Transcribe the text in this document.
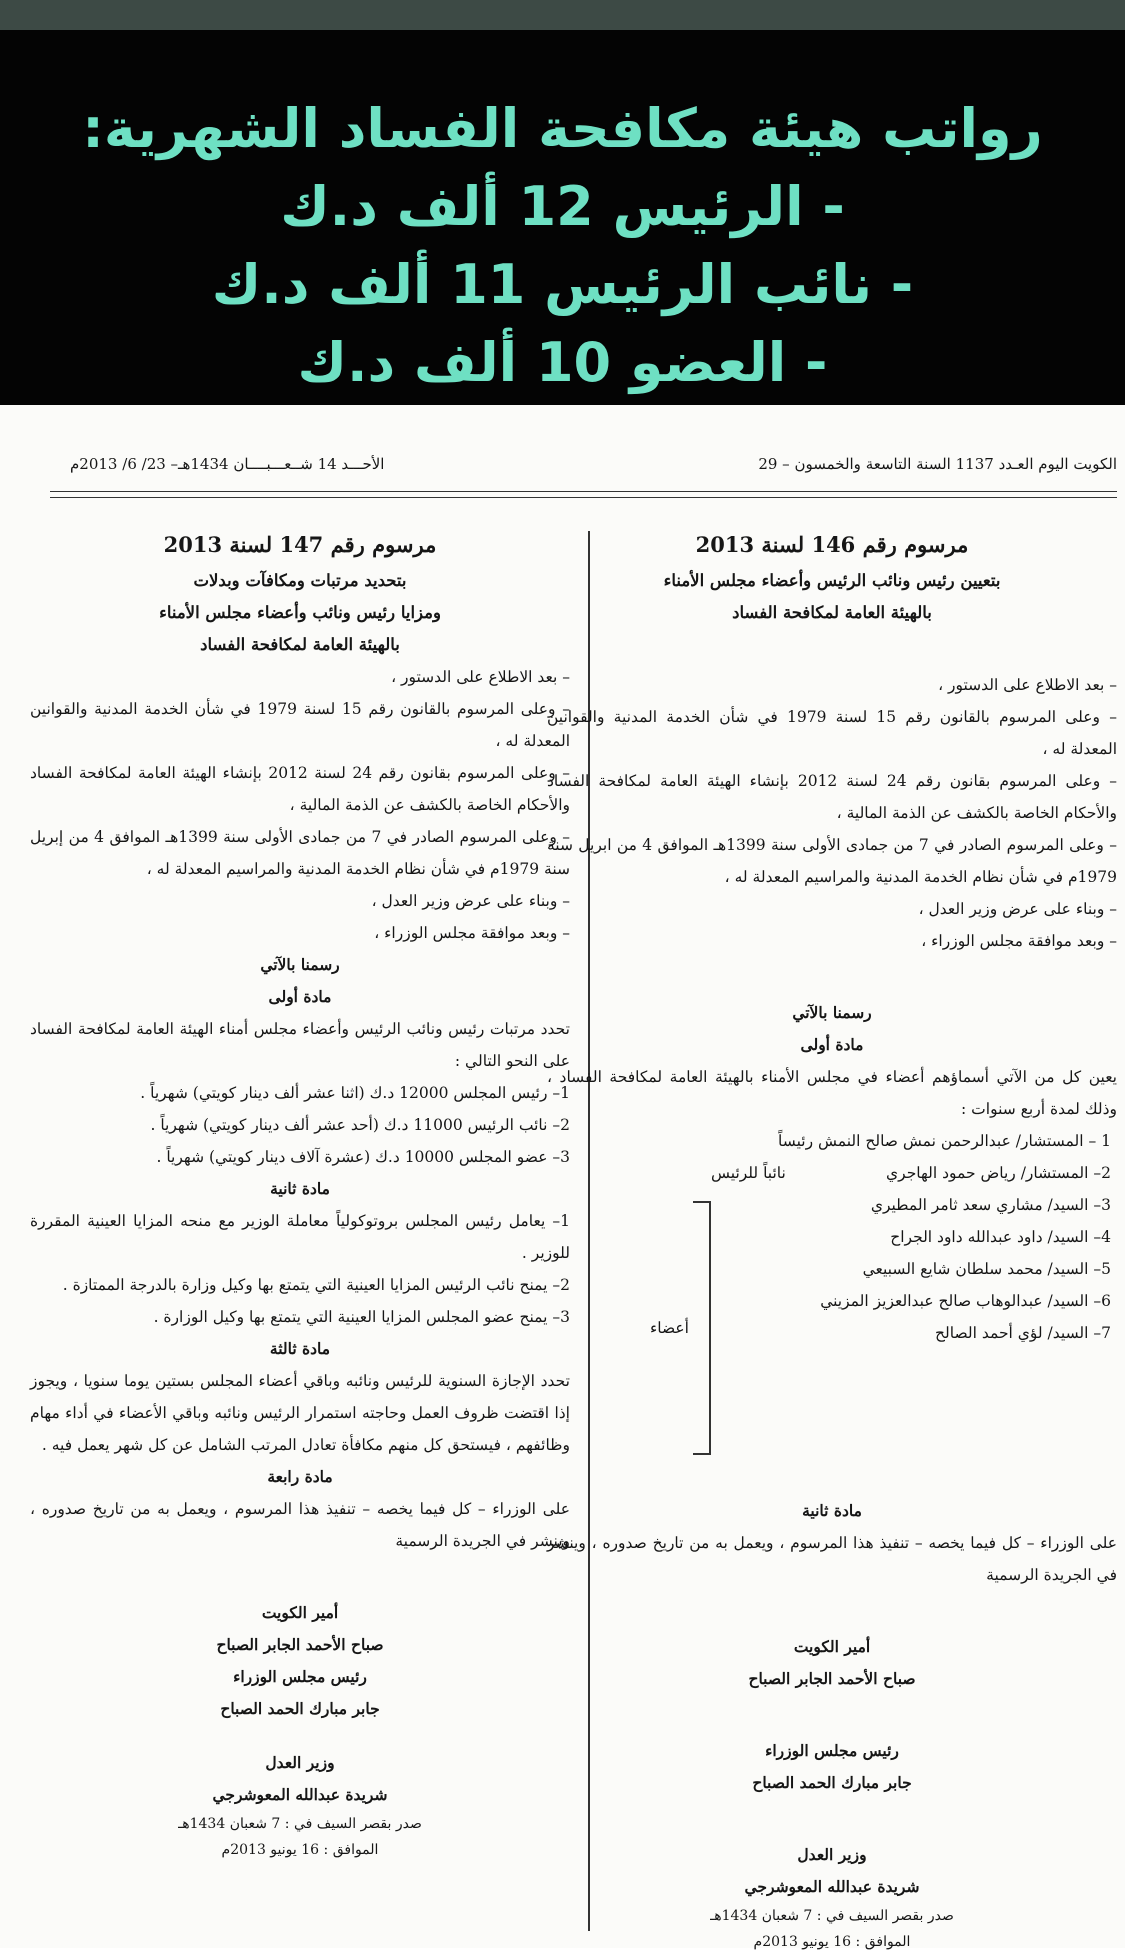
رواتب هيئة مكافحة الفساد الشهرية:
- الرئيس 12 ألف د.ك
- نائب الرئيس 11 ألف د.ك
- العضو 10 ألف د.ك
الكويت اليوم العـدد 1137 السنة التاسعة والخمسون – 29
الأحـــد 14 شــعـــبــــان 1434هـ– 23/ 6/ 2013م
مرسوم رقم 146 لسنة 2013
بتعيين رئيس ونائب الرئيس وأعضاء مجلس الأمناء
بالهيئة العامة لمكافحة الفساد
– بعد الاطلاع على الدستور ،
– وعلى المرسوم بالقانون رقم 15 لسنة 1979 في شأن الخدمة المدنية والقوانين المعدلة له ،
– وعلى المرسوم بقانون رقم 24 لسنة 2012 بإنشاء الهيئة العامة لمكافحة الفساد والأحكام الخاصة بالكشف عن الذمة المالية ،
– وعلى المرسوم الصادر في 7 من جمادى الأولى سنة 1399هـ الموافق 4 من ابريل سنة 1979م في شأن نظام الخدمة المدنية والمراسيم المعدلة له ،
– وبناء على عرض وزير العدل ،
– وبعد موافقة مجلس الوزراء ،
رسمنا بالآتي
مادة أولى
يعين كل من الآتي أسماؤهم أعضاء في مجلس الأمناء بالهيئة العامة لمكافحة الفساد ، وذلك لمدة أربع سنوات :
1 – المستشار/ عبدالرحمن نمش صالح النمش رئيساً
2– المستشار/ رياض حمود الهاجري
نائباً للرئيس
3– السيد/ مشاري سعد ثامر المطيري
4– السيد/ داود عبدالله داود الجراح
5– السيد/ محمد سلطان شايع السبيعي
6– السيد/ عبدالوهاب صالح عبدالعزيز المزيني
7– السيد/ لؤي أحمد الصالح
أعضاء
مادة ثانية
على الوزراء – كل فيما يخصه – تنفيذ هذا المرسوم ، ويعمل به من تاريخ صدوره ، وينشر في الجريدة الرسمية
أمير الكويت
صباح الأحمد الجابر الصباح
رئيس مجلس الوزراء
جابر مبارك الحمد الصباح
وزير العدل
شريدة عبدالله المعوشرجي
صدر بقصر السيف في : 7 شعبان 1434هـ
الموافق : 16 يونيو 2013م
مرسوم رقم 147 لسنة 2013
بتحديد مرتبات ومكافآت وبدلات
ومزايا رئيس ونائب وأعضاء مجلس الأمناء
بالهيئة العامة لمكافحة الفساد
– بعد الاطلاع على الدستور ،
– وعلى المرسوم بالقانون رقم 15 لسنة 1979 في شأن الخدمة المدنية والقوانين المعدلة له ،
– وعلى المرسوم بقانون رقم 24 لسنة 2012 بإنشاء الهيئة العامة لمكافحة الفساد والأحكام الخاصة بالكشف عن الذمة المالية ،
– وعلى المرسوم الصادر في 7 من جمادى الأولى سنة 1399هـ الموافق 4 من إبريل سنة 1979م في شأن نظام الخدمة المدنية والمراسيم المعدلة له ،
– وبناء على عرض وزير العدل ،
– وبعد موافقة مجلس الوزراء ،
رسمنا بالآتي
مادة أولى
تحدد مرتبات رئيس ونائب الرئيس وأعضاء مجلس أمناء الهيئة العامة لمكافحة الفساد على النحو التالي :
1– رئيس المجلس 12000 د.ك (اثنا عشر ألف دينار كويتي) شهرياً .
2– نائب الرئيس 11000 د.ك (أحد عشر ألف دينار كويتي) شهرياً .
3– عضو المجلس 10000 د.ك (عشرة آلاف دينار كويتي) شهرياً .
مادة ثانية
1– يعامل رئيس المجلس بروتوكولياً معاملة الوزير مع منحه المزايا العينية المقررة للوزير .
2– يمنح نائب الرئيس المزايا العينية التي يتمتع بها وكيل وزارة بالدرجة الممتازة .
3– يمنح عضو المجلس المزايا العينية التي يتمتع بها وكيل الوزارة .
مادة ثالثة
تحدد الإجازة السنوية للرئيس ونائبه وباقي أعضاء المجلس بستين يوما سنويا ، ويجوز إذا اقتضت ظروف العمل وحاجته استمرار الرئيس ونائبه وباقي الأعضاء في أداء مهام وظائفهم ، فيستحق كل منهم مكافأة تعادل المرتب الشامل عن كل شهر يعمل فيه .
مادة رابعة
على الوزراء – كل فيما يخصه – تنفيذ هذا المرسوم ، ويعمل به من تاريخ صدوره ، وينشر في الجريدة الرسمية
أمير الكويت
صباح الأحمد الجابر الصباح
رئيس مجلس الوزراء
جابر مبارك الحمد الصباح
وزير العدل
شريدة عبدالله المعوشرجي
صدر بقصر السيف في : 7 شعبان 1434هـ
الموافق : 16 يونيو 2013م
